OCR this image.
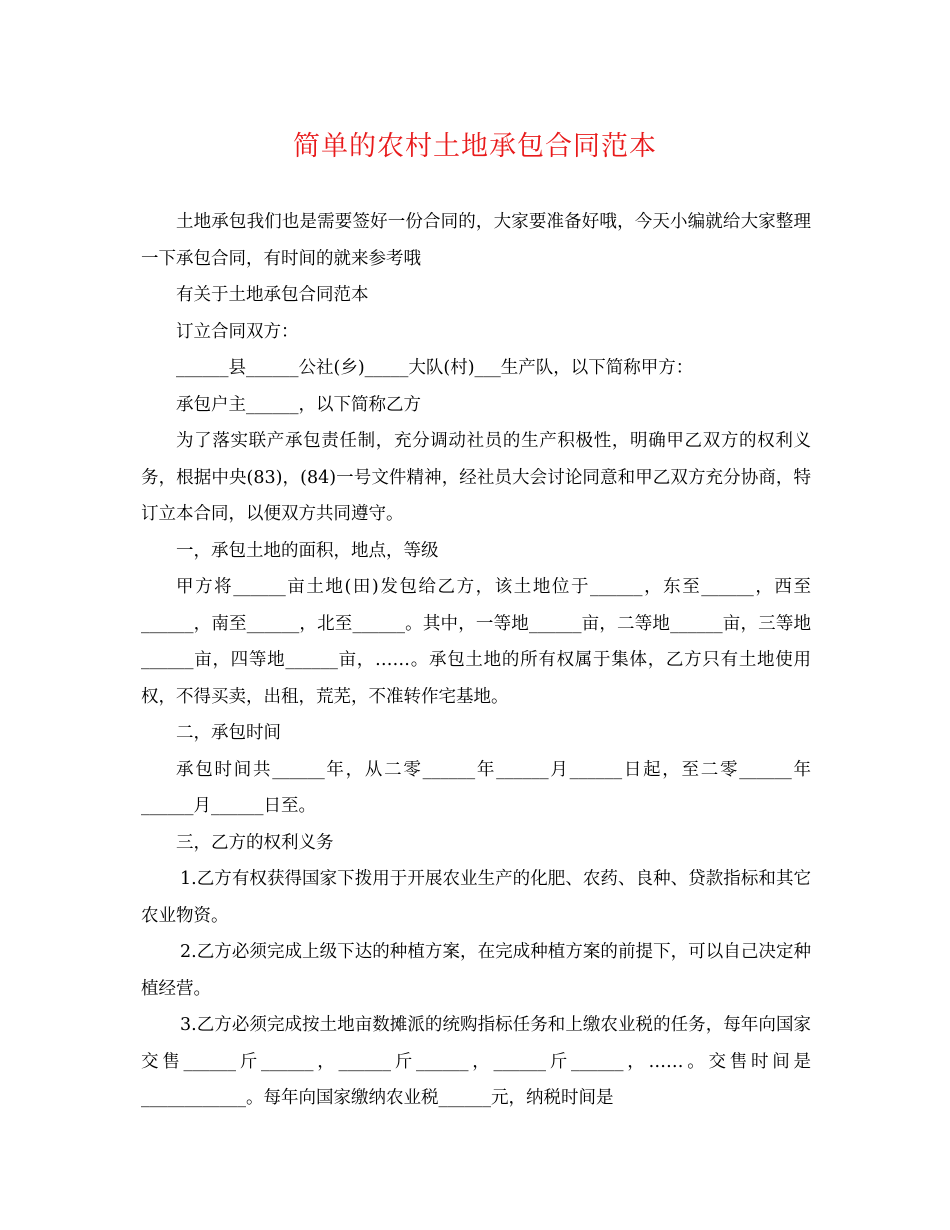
简单的农村土地承包合同范本

土地承包我们也是需要签好一份合同的，大家要准备好哦，今天小编就给大家整理一下承包合同，有时间的就来参考哦

有关于土地承包合同范本

订立合同双方：

______县______公社(乡)_____大队(村)___生产队，以下简称甲方：

承包户主______，以下简称乙方

为了落实联产承包责任制，充分调动社员的生产积极性，明确甲乙双方的权利义务，根据中央(83)，(84)一号文件精神，经社员大会讨论同意和甲乙双方充分协商，特订立本合同，以便双方共同遵守。

一，承包土地的面积，地点，等级

甲方将______亩土地(田)发包给乙方，该土地位于______，东至______，西至______，南至______，北至______。其中，一等地______亩，二等地______亩，三等地______亩，四等地______亩，……。承包土地的所有权属于集体，乙方只有土地使用权，不得买卖，出租，荒芜，不准转作宅基地。

二，承包时间

承包时间共______年，从二零______年______月______日起，至二零______年______月______日至。

三，乙方的权利义务

1.乙方有权获得国家下拨用于开展农业生产的化肥、农药、良种、贷款指标和其它农业物资。

2.乙方必须完成上级下达的种植方案，在完成种植方案的前提下，可以自己决定种植经营。

3.乙方必须完成按土地亩数摊派的统购指标任务和上缴农业税的任务，每年向国家交售______斤______，______斤______，______斤______，……。交售时间是____________。每年向国家缴纳农业税______元，纳税时间是
